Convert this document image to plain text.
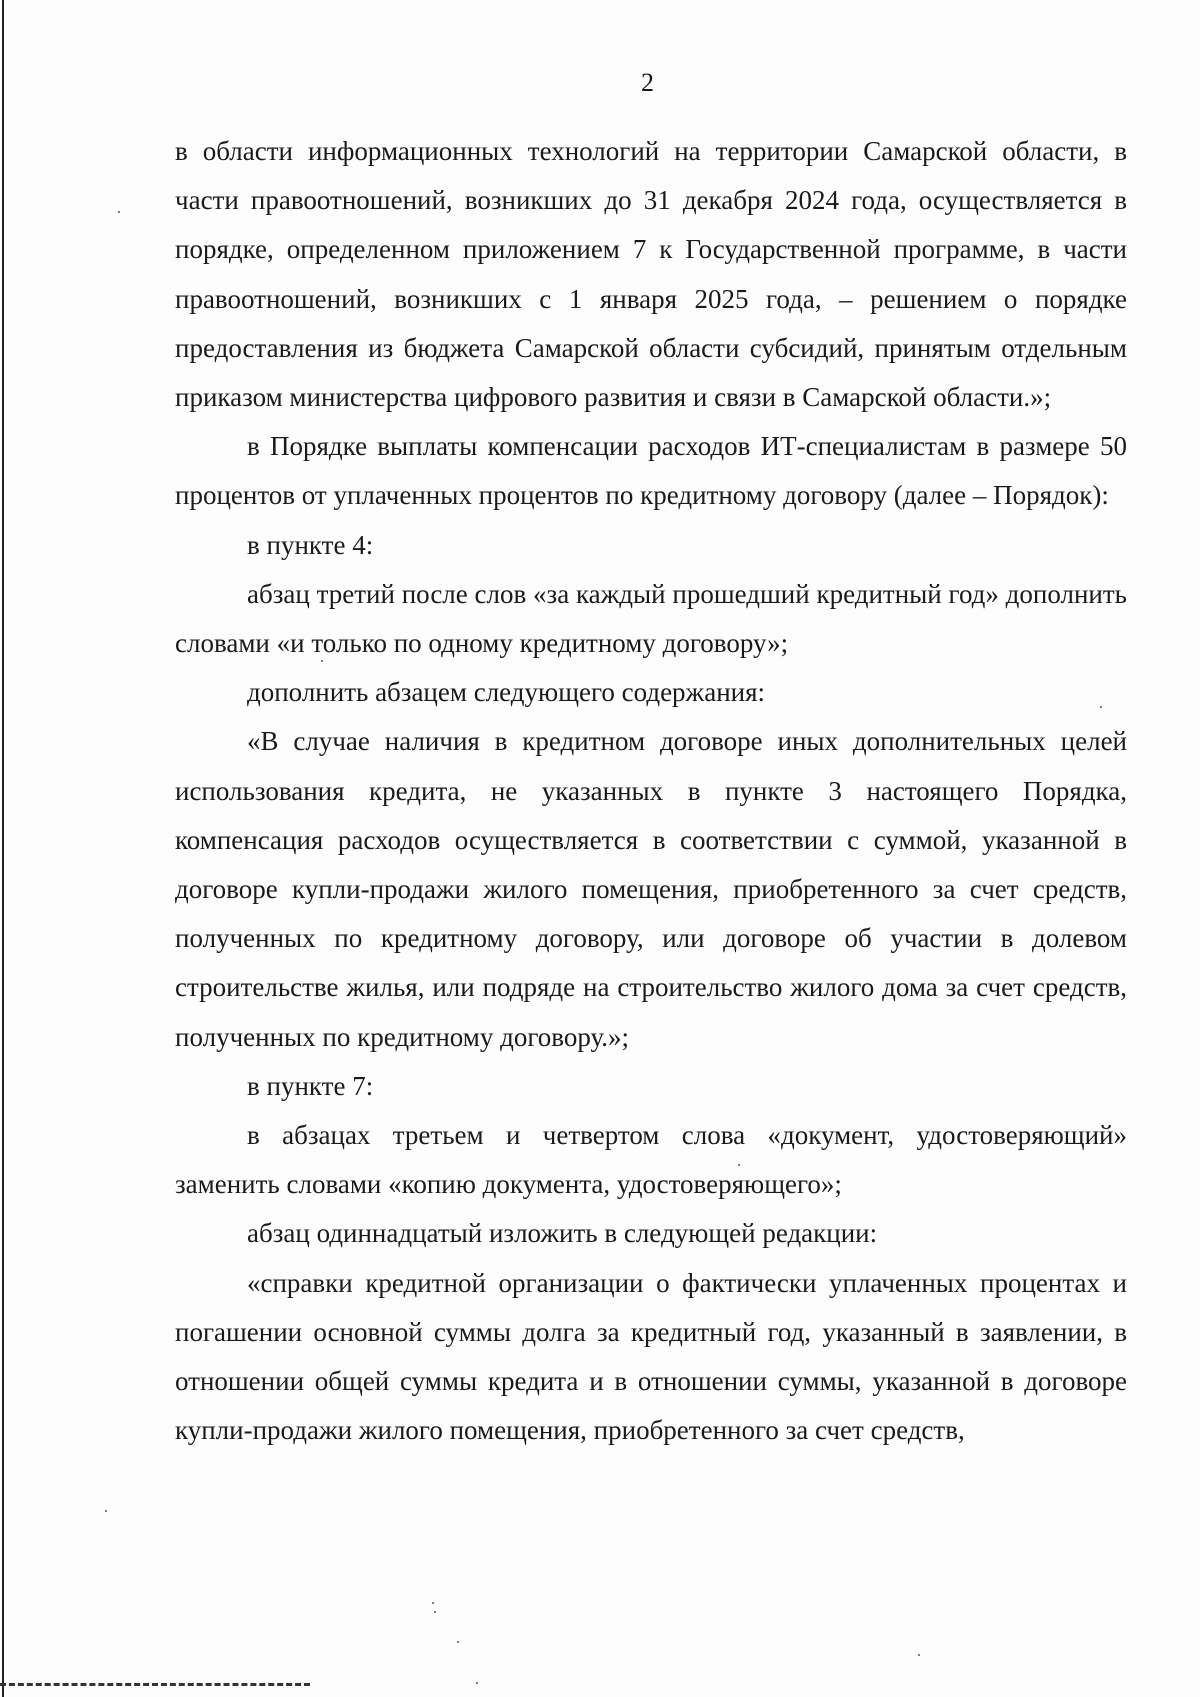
2

в области информационных технологий на территории Самарской области, в части правоотношений, возникших до 31 декабря 2024 года, осуществляется в порядке, определенном приложением 7 к Государственной программе, в части правоотношений, возникших с 1 января 2025 года, – решением о порядке предоставления из бюджета Самарской области субсидий, принятым отдельным приказом министерства цифрового развития и связи в Самарской области.»;

в Порядке выплаты компенсации расходов ИТ-специалистам в размере 50 процентов от уплаченных процентов по кредитному договору (далее – Порядок):

в пункте 4:

абзац третий после слов «за каждый прошедший кредитный год» дополнить словами «и только по одному кредитному договору»;

дополнить абзацем следующего содержания:

«В случае наличия в кредитном договоре иных дополнительных целей использования кредита, не указанных в пункте 3 настоящего Порядка, компенсация расходов осуществляется в соответствии с суммой, указанной в договоре купли-продажи жилого помещения, приобретенного за счет средств, полученных по кредитному договору, или договоре об участии в долевом строительстве жилья, или подряде на строительство жилого дома за счет средств, полученных по кредитному договору.»;

в пункте 7:

в абзацах третьем и четвертом слова «документ, удостоверяющий» заменить словами «копию документа, удостоверяющего»;

абзац одиннадцатый изложить в следующей редакции:

«справки кредитной организации о фактически уплаченных процентах и погашении основной суммы долга за кредитный год, указанный в заявлении, в отношении общей суммы кредита и в отношении суммы, указанной в договоре купли-продажи жилого помещения, приобретенного за счет средств,
